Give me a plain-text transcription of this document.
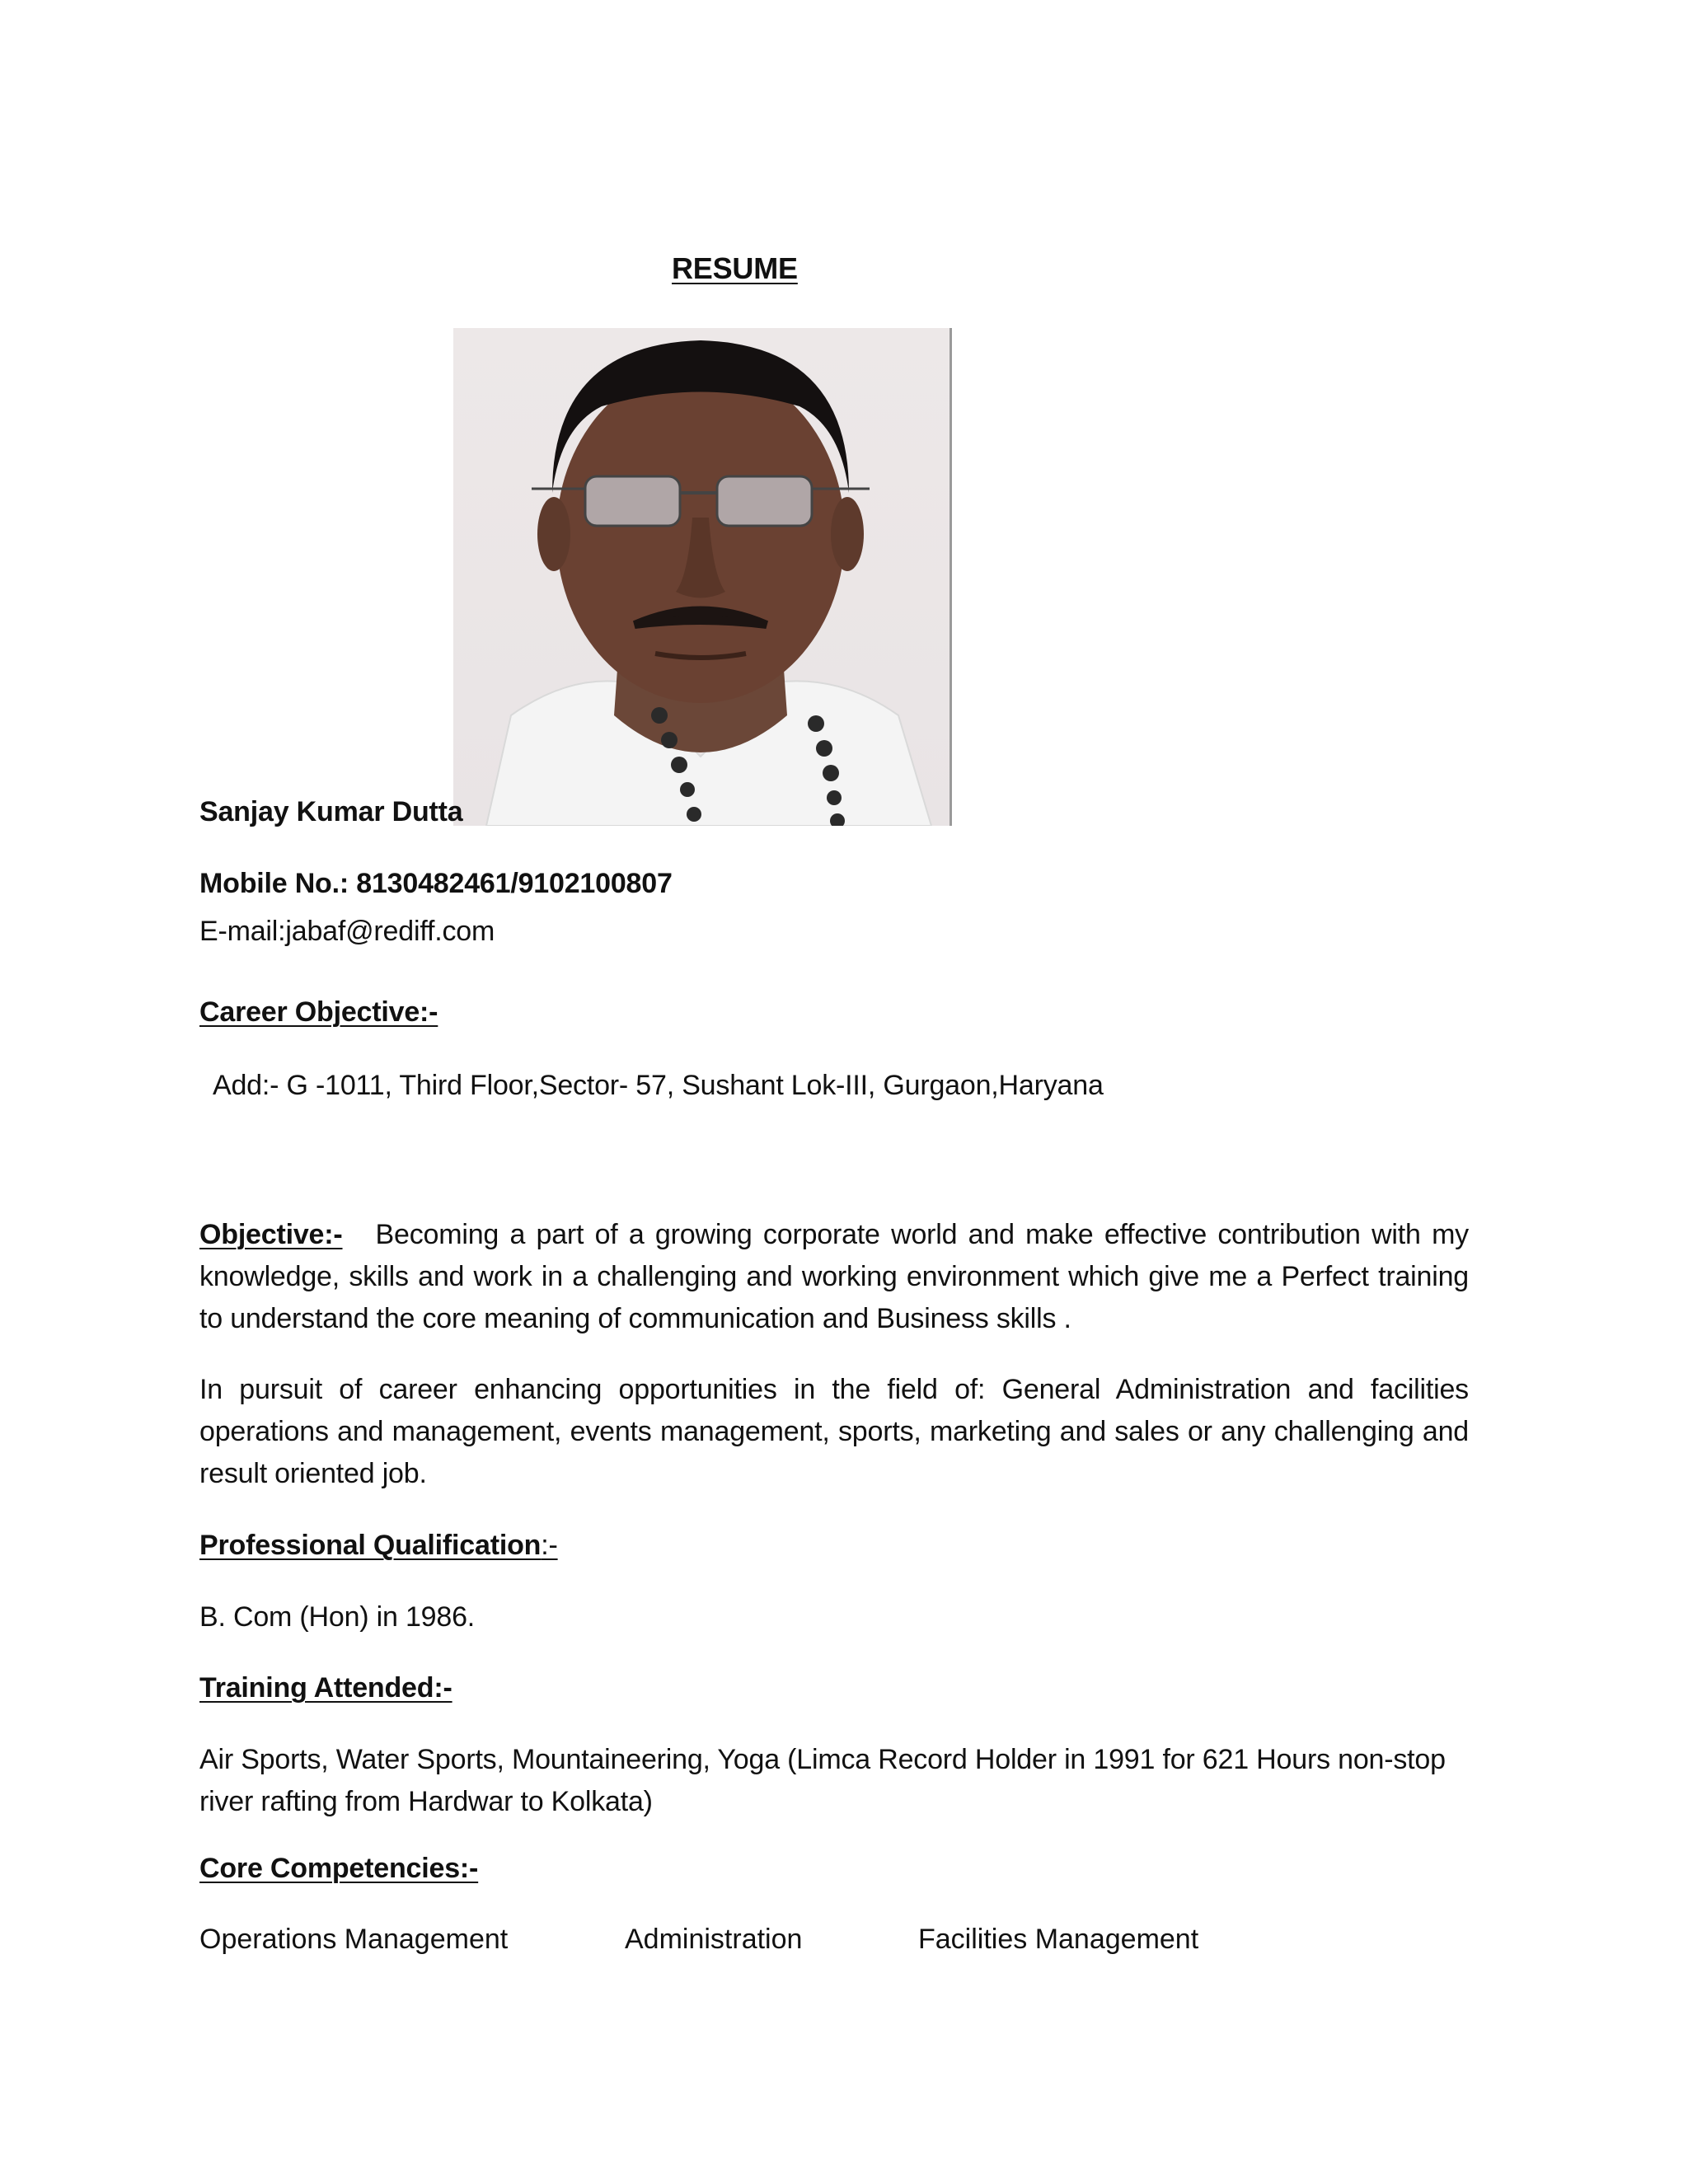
RESUME
Sanjay Kumar Dutta
Mobile No.: 8130482461/9102100807
E-mail:jabaf@rediff.com
Career Objective:-
Add:- G -1011, Third Floor,Sector- 57, Sushant Lok-III, Gurgaon,Haryana
Objective:- Becoming a part of a growing corporate world and make effective contribution with my knowledge, skills and work in a challenging and working environment which give me a Perfect training to understand the core meaning of communication and Business skills .
In pursuit of career enhancing opportunities in the field of: General Administration and facilities operations and management, events management, sports, marketing and sales or any challenging and result oriented job.
Professional Qualification:-
B. Com (Hon) in 1986.
Training Attended:-
Air Sports, Water Sports, Mountaineering, Yoga (Limca Record Holder in 1991 for 621 Hours non-stop river rafting from Hardwar to Kolkata)
Core Competencies:-
Operations Management	Administration	Facilities Management
